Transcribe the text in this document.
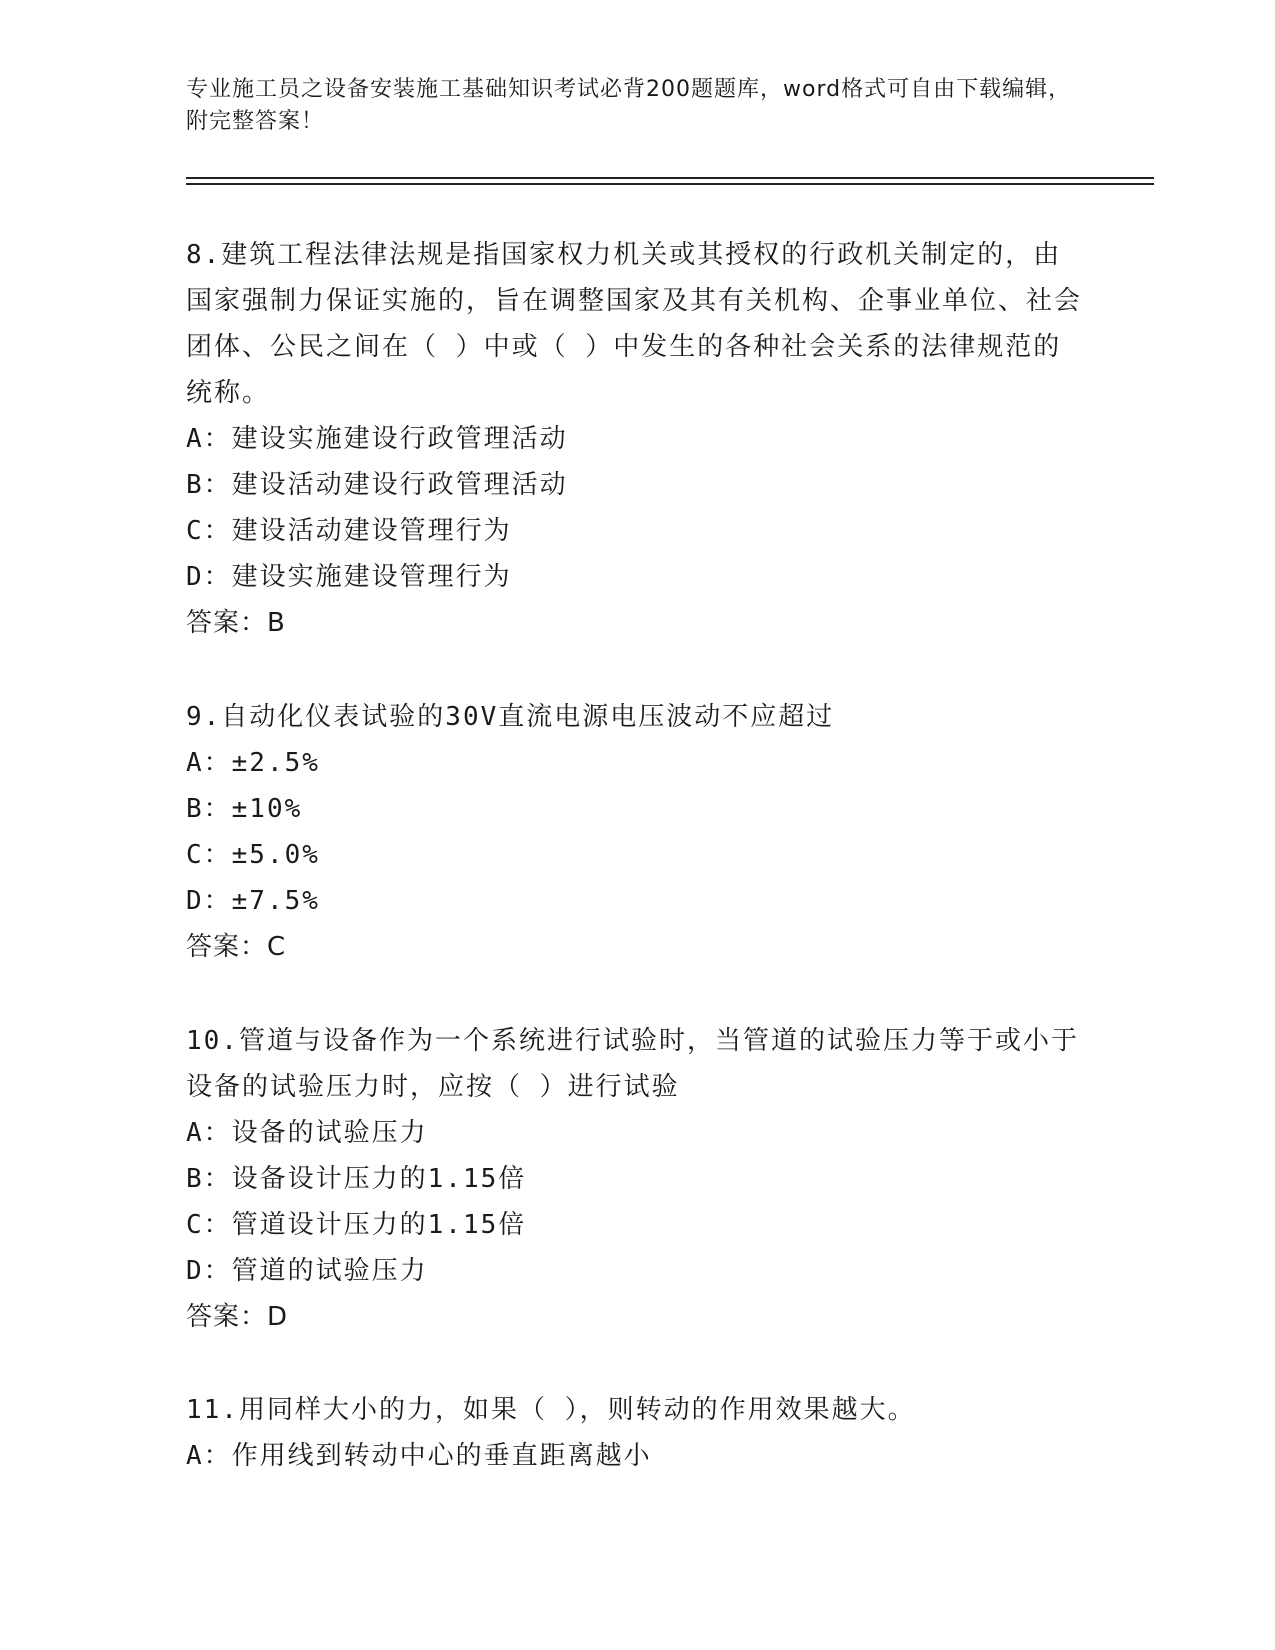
专业施工员之设备安装施工基础知识考试必背200题题库，word格式可自由下载编辑，附完整答案！
8.建筑工程法律法规是指国家权力机关或其授权的行政机关制定的，由国家强制力保证实施的，旨在调整国家及其有关机构、企事业单位、社会团体、公民之间在（ ）中或（ ）中发生的各种社会关系的法律规范的统称。
A：建设实施建设行政管理活动
B：建设活动建设行政管理活动
C：建设活动建设管理行为
D：建设实施建设管理行为
答案：B
9.自动化仪表试验的30V直流电源电压波动不应超过
A：±2.5%
B：±10%
C：±5.0%
D：±7.5%
答案：C
10.管道与设备作为一个系统进行试验时，当管道的试验压力等于或小于设备的试验压力时，应按（ ）进行试验
A：设备的试验压力
B：设备设计压力的1.15倍
C：管道设计压力的1.15倍
D：管道的试验压力
答案：D
11.用同样大小的力，如果（ ），则转动的作用效果越大。
A：作用线到转动中心的垂直距离越小
